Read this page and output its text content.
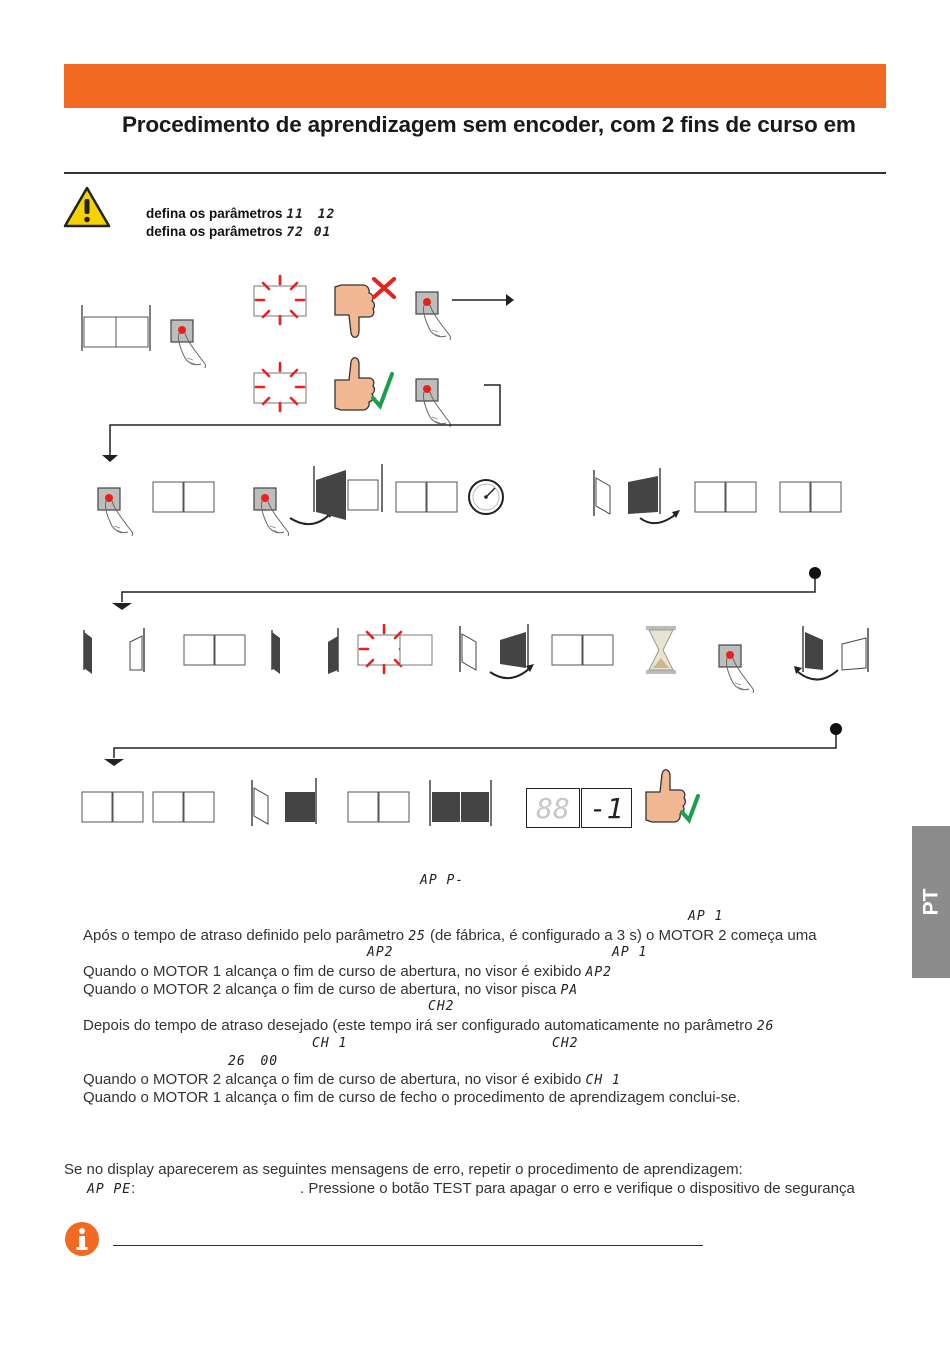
Procedimento de aprendizagem sem encoder, com 2 fins de curso em
defina os parâmetros 11 12
defina os parâmetros 72 01
88 -1
AP P-
AP 1
AP2	AP 1
CH2
CH 1	CH2
26 00
Após o tempo de atraso definido pelo parâmetro 25 (de fábrica, é configurado a 3 s) o MOTOR 2 começa uma
Quando o MOTOR 1 alcança o fim de curso de abertura, no visor é exibido AP2
Quando o MOTOR 2 alcança o fim de curso de abertura, no visor pisca PA
Depois do tempo de atraso desejado (este tempo irá ser configurado automaticamente no parâmetro 26
Quando o MOTOR 2 alcança o fim de curso de abertura, no visor é exibido CH 1
Quando o MOTOR 1 alcança o fim de curso de fecho o procedimento de aprendizagem conclui-se.
Se no display aparecerem as seguintes mensagens de erro, repetir o procedimento de aprendizagem:
AP PE:	. Pressione o botão TEST para apagar o erro e verifique o dispositivo de segurança
PT
